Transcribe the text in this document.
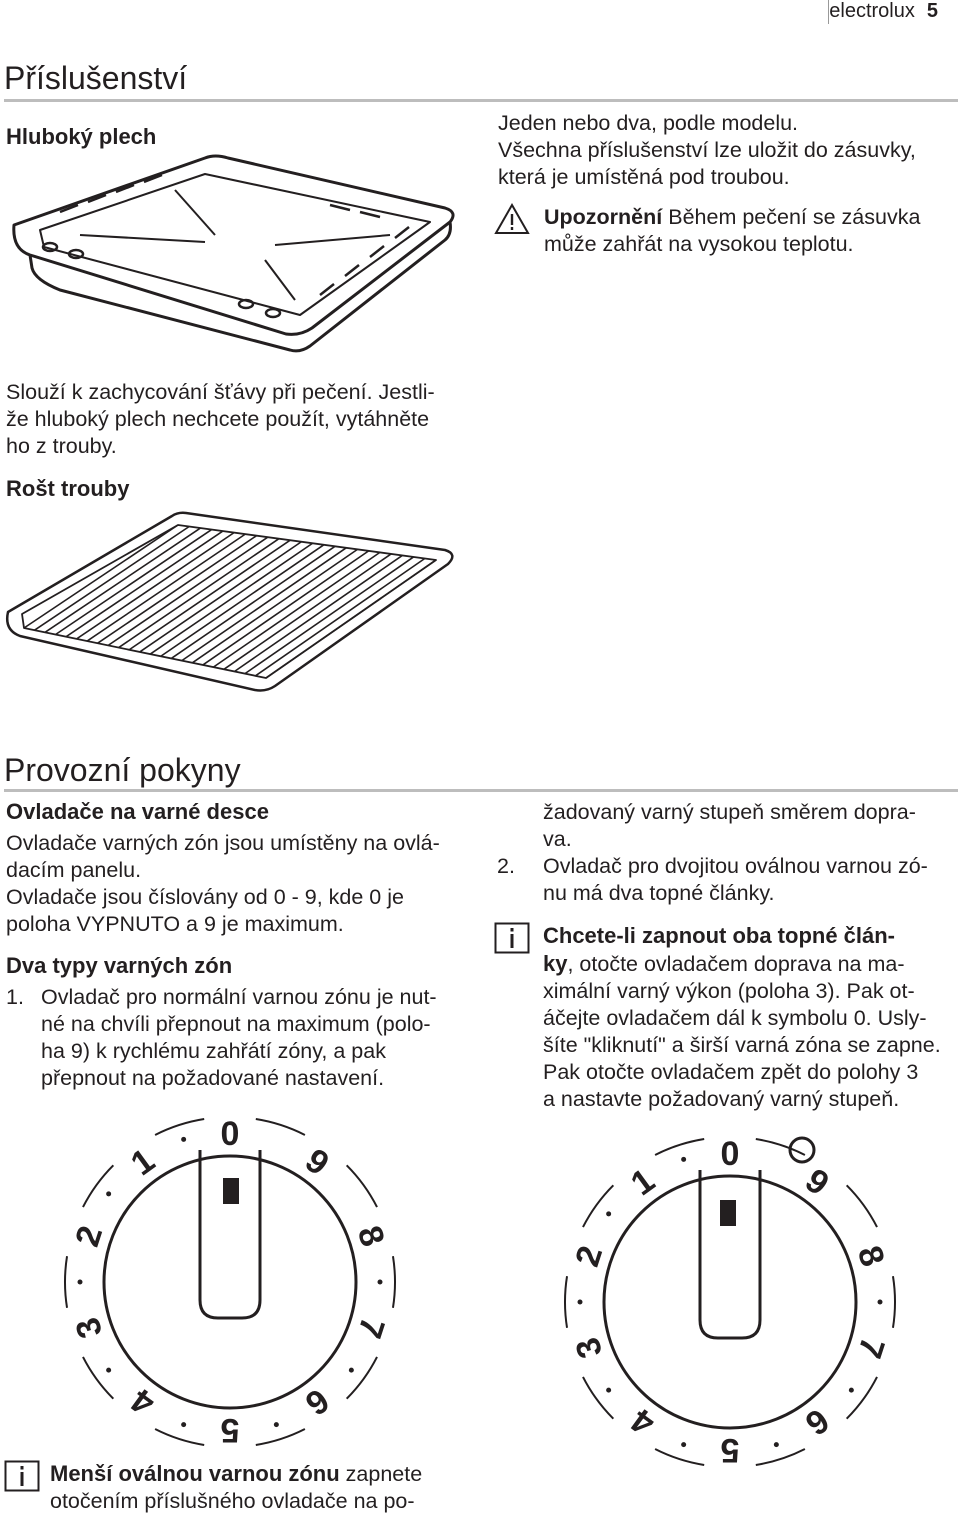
electrolux 5
Příslušenství
Hluboký plech
Jeden nebo dva, podle modelu.
Všechna příslušenství lze uložit do zásuvky,
která je umístěná pod troubou.
Upozornění Během pečení se zásuvka
může zahřát na vysokou teplotu.
Slouží k zachycování šťávy při pečení. Jestli-
že hluboký plech nechcete použít, vytáhněte
ho z trouby.
Rošt trouby
Provozní pokyny
Ovladače na varné desce
Ovladače varných zón jsou umístěny na ovlá-
dacím panelu.
Ovladače jsou číslovány od 0 - 9, kde 0 je
poloha VYPNUTO a 9 je maximum.
Dva typy varných zón
1. Ovladač pro normální varnou zónu je nut-
né na chvíli přepnout na maximum (polo-
ha 9) k rychlému zahřátí zóny, a pak
přepnout na požadované nastavení.
žadovaný varný stupeň směrem dopra-
va.
2.	Ovladač pro dvojitou oválnou varnou zó-
nu má dva topné články.
Chcete-li zapnout oba topné člán-
ky, otočte ovladačem doprava na ma-
ximální varný výkon (poloha 3). Pak ot-
áčejte ovladačem dál k symbolu 0. Usly-
šíte "kliknutí" a širší varná zóna se zapne.
Pak otočte ovladačem zpět do polohy 3
a nastavte požadovaný varný stupeň.
0
1
2
3
4
5
6
7
8
9	0
1
2
3
4
5
6
7
8
9
Menší oválnou varnou zónu zapnete
otočením příslušného ovladače na po-
